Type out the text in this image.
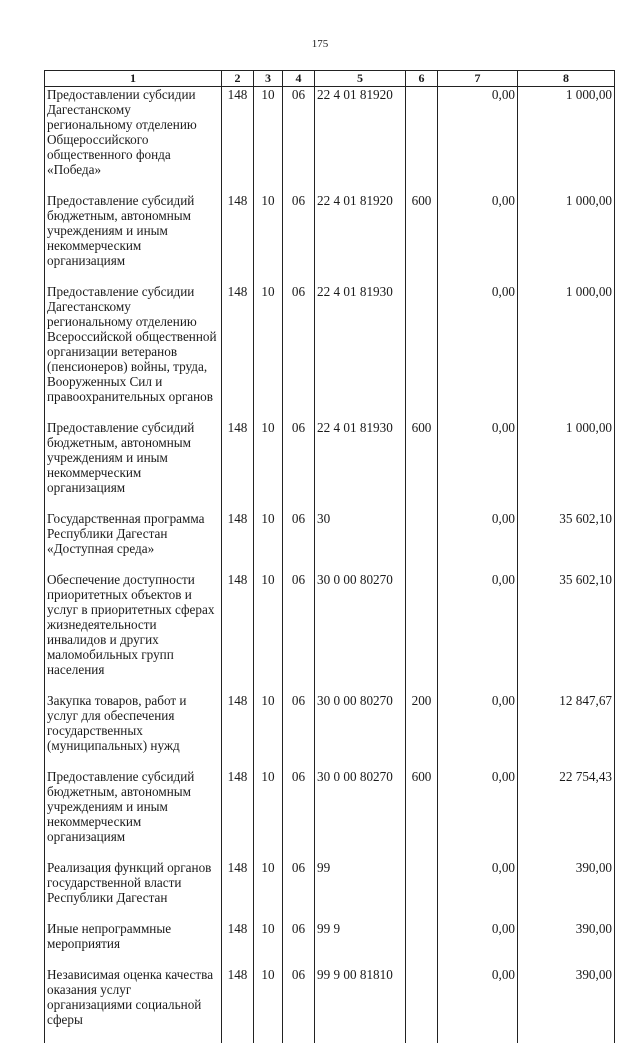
175
1	2	3	4	5	6	7	8
Предоставлении субсидии Дагестанскому региональному отделению Общероссийского общественного фонда «Победа»	148	10	06	22 4 01 81920		0,00	1 000,00
Предоставление субсидий бюджетным, автономным учреждениям и иным некоммерческим организациям	148	10	06	22 4 01 81920	600	0,00	1 000,00
Предоставление субсидии Дагестанскому региональному отделению Всероссийской общественной организации ветеранов (пенсионеров) войны, труда, Вооруженных Сил и правоохранительных органов	148	10	06	22 4 01 81930		0,00	1 000,00
Предоставление субсидий бюджетным, автономным учреждениям и иным некоммерческим организациям	148	10	06	22 4 01 81930	600	0,00	1 000,00
Государственная программа Республики Дагестан «Доступная среда»	148	10	06	30		0,00	35 602,10
Обеспечение доступности приоритетных объектов и услуг в приоритетных сферах жизнедеятельности инвалидов и других маломобильных групп населения	148	10	06	30 0 00 80270		0,00	35 602,10
Закупка товаров, работ и услуг для обеспечения государственных (муниципальных) нужд	148	10	06	30 0 00 80270	200	0,00	12 847,67
Предоставление субсидий бюджетным, автономным учреждениям и иным некоммерческим организациям	148	10	06	30 0 00 80270	600	0,00	22 754,43
Реализация функций органов государственной власти Республики Дагестан	148	10	06	99		0,00	390,00
Иные непрограммные мероприятия	148	10	06	99 9		0,00	390,00
Независимая оценка качества оказания услуг организациями социальной сферы	148	10	06	99 9 00 81810		0,00	390,00
